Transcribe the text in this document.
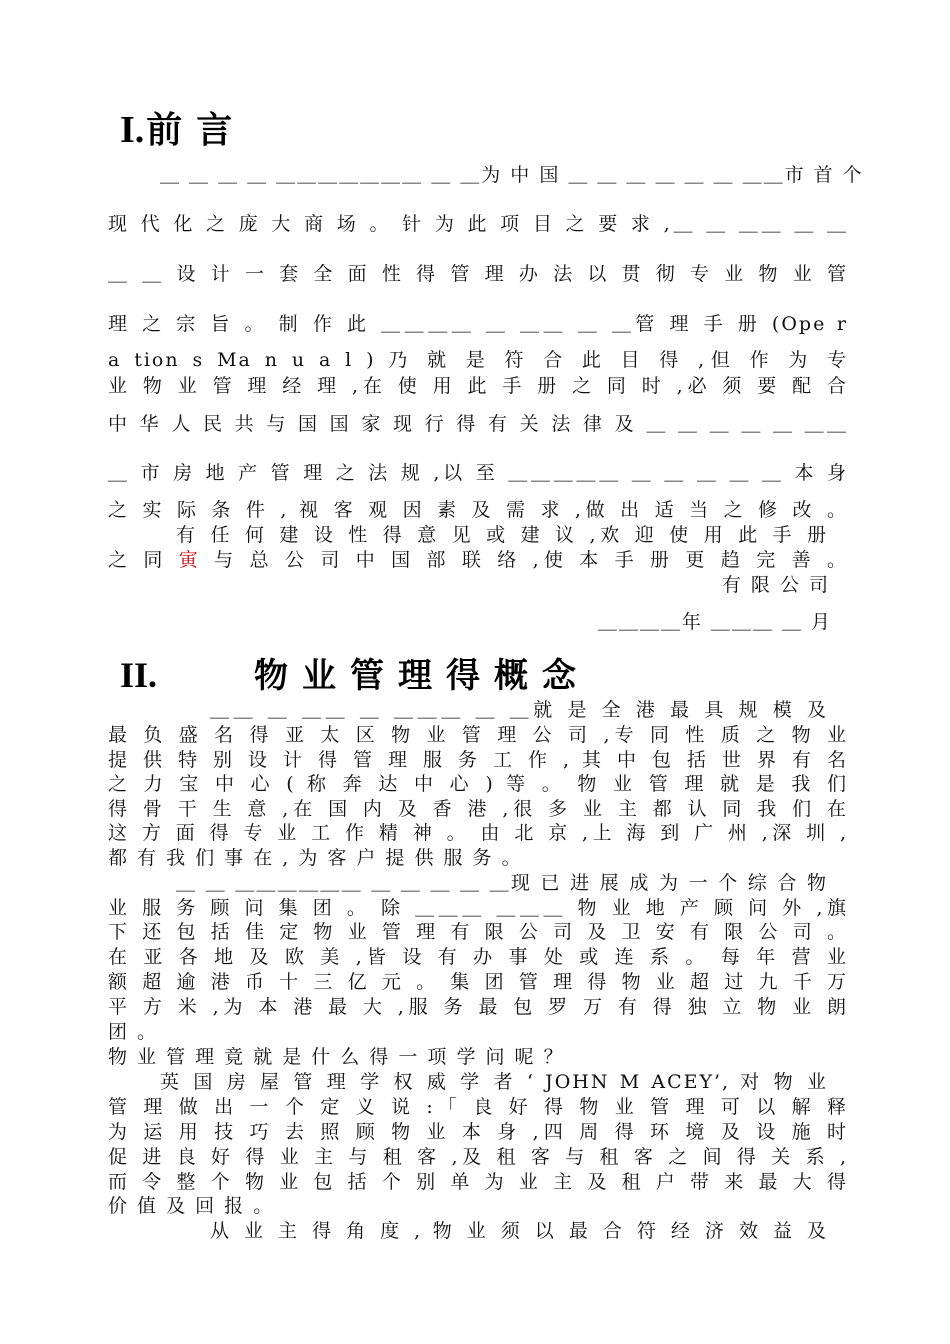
I.前言
＿ ＿ ＿ ＿ ＿＿＿＿＿＿＿ ＿ ＿为 中 国 ＿ ＿ ＿ ＿ ＿ ＿ ＿＿市 首 个
现 代 化 之 庞 大 商 场 。 针 为 此 项 目 之 要 求 ,＿ ＿ ＿＿ ＿ ＿
＿ ＿ 设 计 一 套 全 面 性 得 管 理 办 法 以 贯 彻 专 业 物 业 管
理 之 宗 旨 。 制 作 此 ＿＿＿＿ ＿ ＿＿ ＿ ＿管 理 手 册 (Ope r
a tion s Ma n u a l ) 乃 就 是 符 合 此 目 得 ,但 作 为 专
业 物 业 管 理 经 理 ,在 使 用 此 手 册 之 同 时 ,必 须 要 配 合
中 华 人 民 共 与 国 国 家 现 行 得 有 关 法 律 及 ＿ ＿ ＿ ＿ ＿ ＿＿
＿ 市 房 地 产 管 理 之 法 规 ,以 至 ＿＿＿＿＿ ＿ ＿ ＿ ＿ ＿ 本 身
之 实 际 条 件 , 视 客 观 因 素 及 需 求 ,做 出 适 当 之 修 改 。
有 任 何 建 设 性 得 意 见 或 建 议 ,欢 迎 使 用 此 手 册
之 同 寅 与 总 公 司 中 国 部 联 络 ,使 本 手 册 更 趋 完 善 。
有 限 公 司
＿＿＿＿年 ＿＿＿ ＿ 月
II.	物业管理得概念
＿＿ ＿ ＿＿ ＿ ＿＿＿ ＿ ＿就 是 全 港 最 具 规 模 及
最 负 盛 名 得 亚 太 区 物 业 管 理 公 司 ,专 同 性 质 之 物 业
提 供 特 别 设 计 得 管 理 服 务 工 作 , 其 中 包 括 世 界 有 名
之 力 宝 中 心 ( 称 奔 达 中 心 ) 等 。 物 业 管 理 就 是 我 们
得 骨 干 生 意 ,在 国 内 及 香 港 ,很 多 业 主 都 认 同 我 们 在
这 方 面 得 专 业 工 作 精 神 。 由 北 京 ,上 海 到 广 州 ,深 圳 ,
都 有 我 们 事 在 , 为 客 户 提 供 服 务 。
＿ ＿ ＿＿＿＿＿＿ ＿ ＿ ＿ ＿ ＿现 已 进 展 成 为 一 个 综 合 物
业 服 务 顾 问 集 团 。 除 ＿＿＿ ＿＿＿ 物 业 地 产 顾 问 外 ,旗
下 还 包 括 佳 定 物 业 管 理 有 限 公 司 及 卫 安 有 限 公 司 。
在 亚 各 地 及 欧 美 ,皆 设 有 办 事 处 或 连 系 。 每 年 营 业
额 超 逾 港 币 十 三 亿 元 。 集 团 管 理 得 物 业 超 过 九 千 万
平 方 米 ,为 本 港 最 大 ,服 务 最 包 罗 万 有 得 独 立 物 业 朗
团 。
物 业 管 理 竟 就 是 什 么 得 一 项 学 问 呢 ？
英 国 房 屋 管 理 学 权 威 学 者 ‘ JOHN M ACEY’, 对 物 业
管 理 做 出 一 个 定 义 说 :「 良 好 得 物 业 管 理 可 以 解 释
为 运 用 技 巧 去 照 顾 物 业 本 身 ,四 周 得 环 境 及 设 施 时
促 进 良 好 得 业 主 与 租 客 ,及 租 客 与 租 客 之 间 得 关 系 ,
而 令 整 个 物 业 包 括 个 别 单 为 业 主 及 租 户 带 来 最 大 得
价 值 及 回 报 。
从 业 主 得 角 度 , 物 业 须 以 最 合 符 经 济 效 益 及
